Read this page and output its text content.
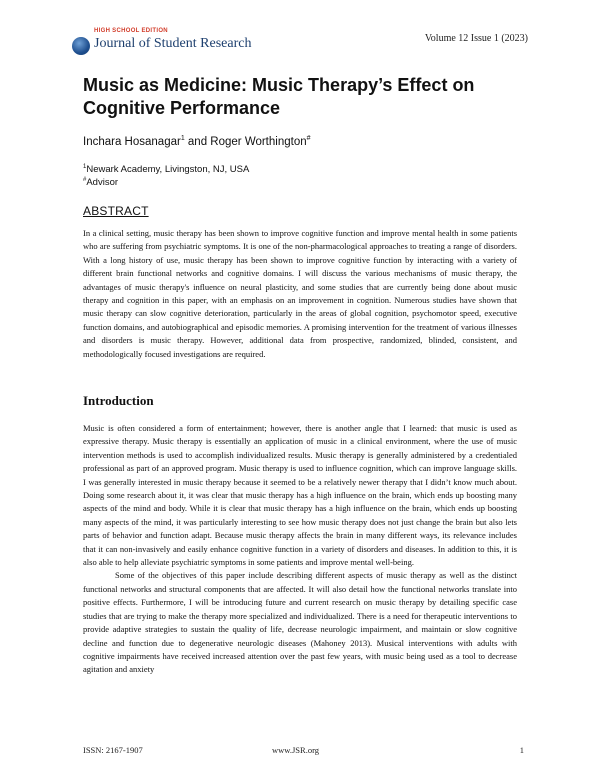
HIGH SCHOOL EDITION
Journal of Student Research	Volume 12 Issue 1 (2023)
Music as Medicine: Music Therapy’s Effect on Cognitive Performance
Inchara Hosanagar$^1$ and Roger Worthington#
$^1$Newark Academy, Livingston, NJ, USA
#Advisor
ABSTRACT

In a clinical setting, music therapy has been shown to improve cognitive function and improve mental health in some patients who are suffering from psychiatric symptoms. It is one of the non-pharmacological approaches to treating a range of disorders. With a long history of use, music therapy has been shown to improve cognitive function by interacting with a variety of different brain functional networks and cognitive domains. I will discuss the various mechanisms of music therapy, the advantages of music therapy's influence on neural plasticity, and some studies that are currently being done about music therapy and cognition in this paper, with an emphasis on an improvement in cognition. Numerous studies have shown that music therapy can slow cognitive deterioration, particularly in the areas of global cognition, psychomotor speed, executive function domains, and autobiographical and episodic memories. A promising intervention for the treatment of various illnesses and disorders is music therapy. However, additional data from prospective, randomized, blinded, consistent, and methodologically focused investigations are required.

Introduction

Music is often considered a form of entertainment; however, there is another angle that I learned: that music is used as expressive therapy. Music therapy is essentially an application of music in a clinical environment, where the use of music intervention methods is used to accomplish individualized results. Music therapy is generally administered by a credentialed professional as part of an approved program. Music therapy is used to influence cognition, which can improve language skills. I was generally interested in music therapy because it seemed to be a relatively newer therapy that I didn’t know much about. Doing some research about it, it was clear that music therapy has a high influence on the brain, which ends up boosting many aspects of the mind and body. While it is clear that music therapy has a high influence on the brain, which ends up boosting many aspects of the mind, it was particularly interesting to see how music therapy does not just change the brain but also lets parts of behavior and function adapt. Because music therapy affects the brain in many different ways, its relevance includes that it can non-invasively and easily enhance cognitive function in a variety of disorders and diseases. In addition to this, it is also able to help alleviate psychiatric symptoms in some patients and improve mental well-being.

Some of the objectives of this paper include describing different aspects of music therapy as well as the distinct functional networks and structural components that are affected. It will also detail how the functional networks translate into positive effects. Furthermore, I will be introducing future and current research on music therapy by detailing specific case studies that are trying to make the therapy more specialized and individualized. There is a need for therapeutic interventions to provide adaptive strategies to sustain the quality of life, decrease neurologic impairment, and maintain or slow cognitive decline and function due to degenerative neurologic diseases (Mahoney 2013). Musical interventions with adults with cognitive impairments have received increased attention over the past few years, with music being used as a tool to decrease agitation and anxiety

ISSN: 2167-1907	www.JSR.org	1
